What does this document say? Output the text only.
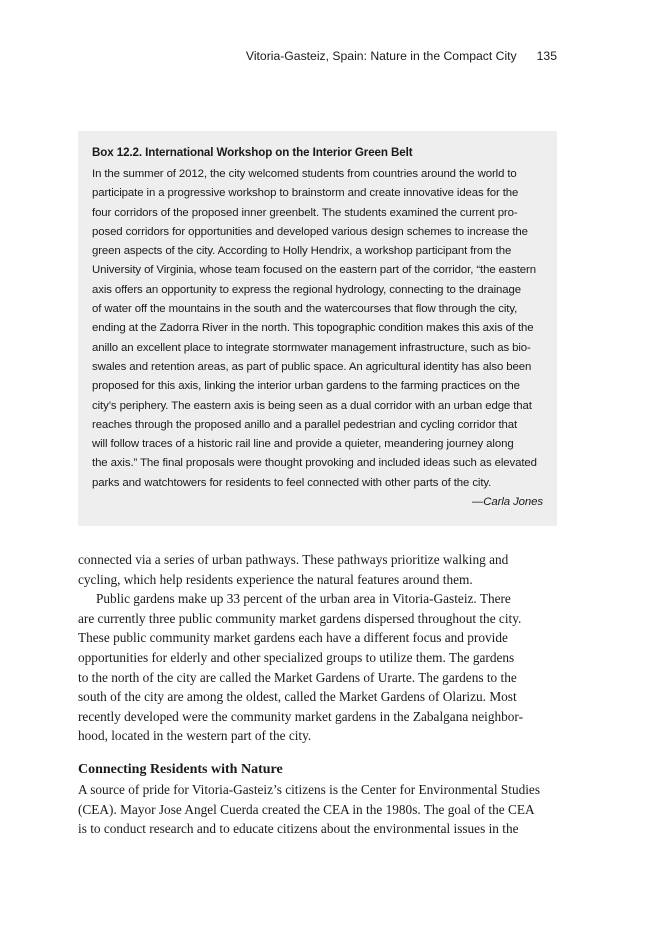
Vitoria-Gasteiz, Spain: Nature in the Compact City 135
Box 12.2. International Workshop on the Interior Green Belt
In the summer of 2012, the city welcomed students from countries around the world to
participate in a progressive workshop to brainstorm and create innovative ideas for the
four corridors of the proposed inner greenbelt. The students examined the current pro-
posed corridors for opportunities and developed various design schemes to increase the
green aspects of the city. According to Holly Hendrix, a workshop participant from the
University of Virginia, whose team focused on the eastern part of the corridor, “the eastern
axis offers an opportunity to express the regional hydrology, connecting to the drainage
of water off the mountains in the south and the watercourses that flow through the city,
ending at the Zadorra River in the north. This topographic condition makes this axis of the
anillo an excellent place to integrate stormwater management infrastructure, such as bio-
swales and retention areas, as part of public space. An agricultural identity has also been
proposed for this axis, linking the interior urban gardens to the farming practices on the
city’s periphery. The eastern axis is being seen as a dual corridor with an urban edge that
reaches through the proposed anillo and a parallel pedestrian and cycling corridor that
will follow traces of a historic rail line and provide a quieter, meandering journey along
the axis.” The final proposals were thought provoking and included ideas such as elevated
parks and watchtowers for residents to feel connected with other parts of the city.
—Carla Jones
connected via a series of urban pathways. These pathways prioritize walking and
cycling, which help residents experience the natural features around them.
Public gardens make up 33 percent of the urban area in Vitoria-Gasteiz. There
are currently three public community market gardens dispersed throughout the city.
These public community market gardens each have a different focus and provide
opportunities for elderly and other specialized groups to utilize them. The gardens
to the north of the city are called the Market Gardens of Urarte. The gardens to the
south of the city are among the oldest, called the Market Gardens of Olarizu. Most
recently developed were the community market gardens in the Zabalgana neighbor-
hood, located in the western part of the city.
Connecting Residents with Nature
A source of pride for Vitoria-Gasteiz’s citizens is the Center for Environmental Studies
(CEA). Mayor Jose Angel Cuerda created the CEA in the 1980s. The goal of the CEA
is to conduct research and to educate citizens about the environmental issues in the
